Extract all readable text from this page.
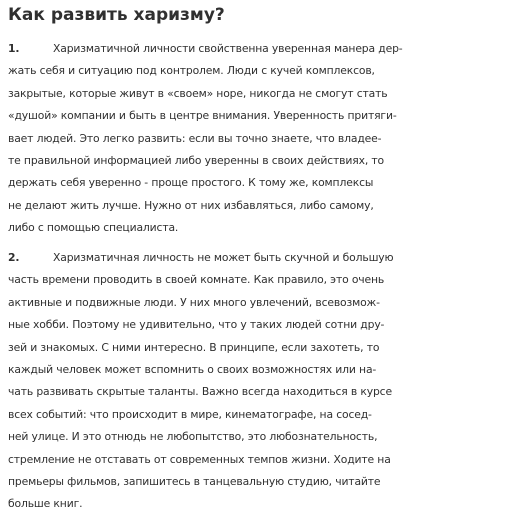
Как развить харизму?
1.	Харизматичной личности свойственна уверенная манера дер-
жать себя и ситуацию под контролем. Люди с кучей комплексов,
закрытые, которые живут в «своем» норе, никогда не смогут стать
«душой» компании и быть в центре внимания. Уверенность притяги-
вает людей. Это легко развить: если вы точно знаете, что владее-
те правильной информацией либо уверенны в своих действиях, то
держать себя уверенно - проще простого. К тому же, комплексы
не делают жить лучше. Нужно от них избавляться, либо самому,
либо с помощью специалиста.
2.	Харизматичная личность не может быть скучной и большую
часть времени проводить в своей комнате. Как правило, это очень
активные и подвижные люди. У них много увлечений, всевозмож-
ные хобби. Поэтому не удивительно, что у таких людей сотни дру-
зей и знакомых. С ними интересно. В принципе, если захотеть, то
каждый человек может вспомнить о своих возможностях или на-
чать развивать скрытые таланты. Важно всегда находиться в курсе
всех событий: что происходит в мире, кинематографе, на сосед-
ней улице. И это отнюдь не любопытство, это любознательность,
стремление не отставать от современных темпов жизни. Ходите на
премьеры фильмов, запишитесь в танцевальную студию, читайте
больше книг.
